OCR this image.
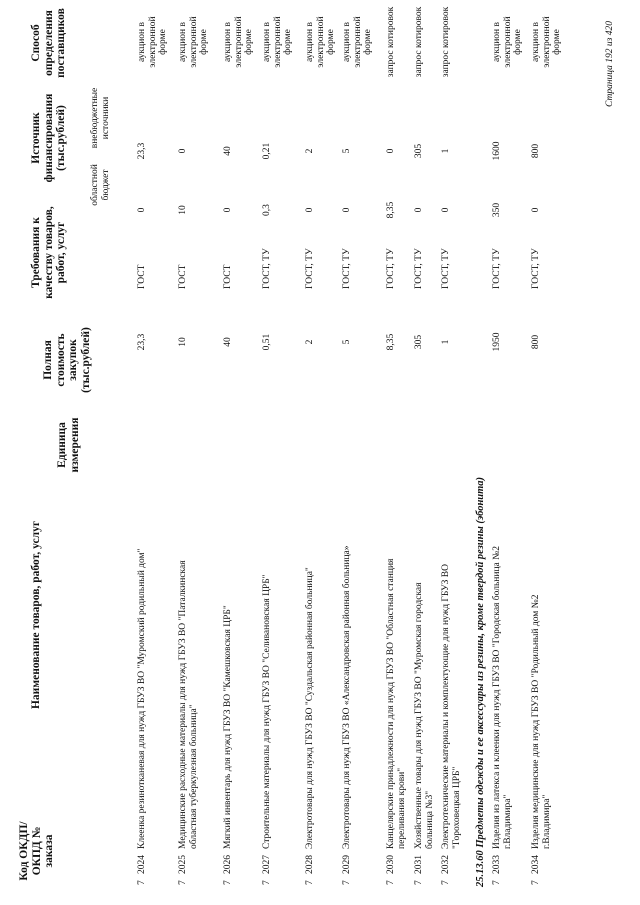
Код ОКДП/ ОКПД № заказа
Наименование товаров, работ, услуг
Единица измерения
Полная стоимость закупок (тыс.рублей)
Требования к качеству товаров, работ, услуг
Источник финансирования (тыс.рублей)
Способ определения поставщиков
областной бюджет
внебюджетные источники
7
2024
Клеенка резинотканевая для нужд ГБУЗ ВО "Муромский родильный дом"
23,3
ГОСТ
0
23,3
аукцион в электронной форме
7
2025
Медицинские расходные материалы для нужд ГБУЗ ВО "Паталкинская областная туберкулезная больница"
10
ГОСТ
10
0
аукцион в электронной форме
7
2026
Мягкий инвентарь для нужд ГБУЗ ВО "Камешковская ЦРБ"
40
ГОСТ
0
40
аукцион в электронной форме
7
2027
Строительные материалы для нужд ГБУЗ ВО "Селивановская ЦРБ"
0,51
ГОСТ, ТУ
0,3
0,21
аукцион в электронной форме
7
2028
Электротовары для нужд ГБУЗ ВО "Суздальская районная больница"
2
ГОСТ, ТУ
0
2
аукцион в электронной форме
7
2029
Электротовары для нужд ГБУЗ ВО «Александровская районная больница»
5
ГОСТ, ТУ
0
5
аукцион в электронной форме
7
2030
Канцелярские принадлежности для нужд ГБУЗ ВО "Областная станция переливания крови"
8,35
ГОСТ, ТУ
8,35
0
запрос котировок
7
2031
Хозяйственные товары для нужд ГБУЗ ВО "Муромская городская больница №3"
305
ГОСТ, ТУ
0
305
запрос котировок
7
2032
Электротехнические материалы и комплектующие для нужд ГБУЗ ВО "Гороховецкая ЦРБ"
1
ГОСТ, ТУ
0
1
запрос котировок
7
2033
Изделия из латекса и клеенки для нужд ГБУЗ ВО "Городская больница №2 г.Владимира"
1950
ГОСТ, ТУ
350
1600
аукцион в электронной форме
7
2034
Изделия медицинские для нужд ГБУЗ ВО "Родильный дом №2 г.Владимира"
800
ГОСТ, ТУ
0
800
аукцион в электронной форме
25.13.60 Предметы одежды и ее аксессуары из резины, кроме твердой резины (эбонита)
Страница 192 из 420
